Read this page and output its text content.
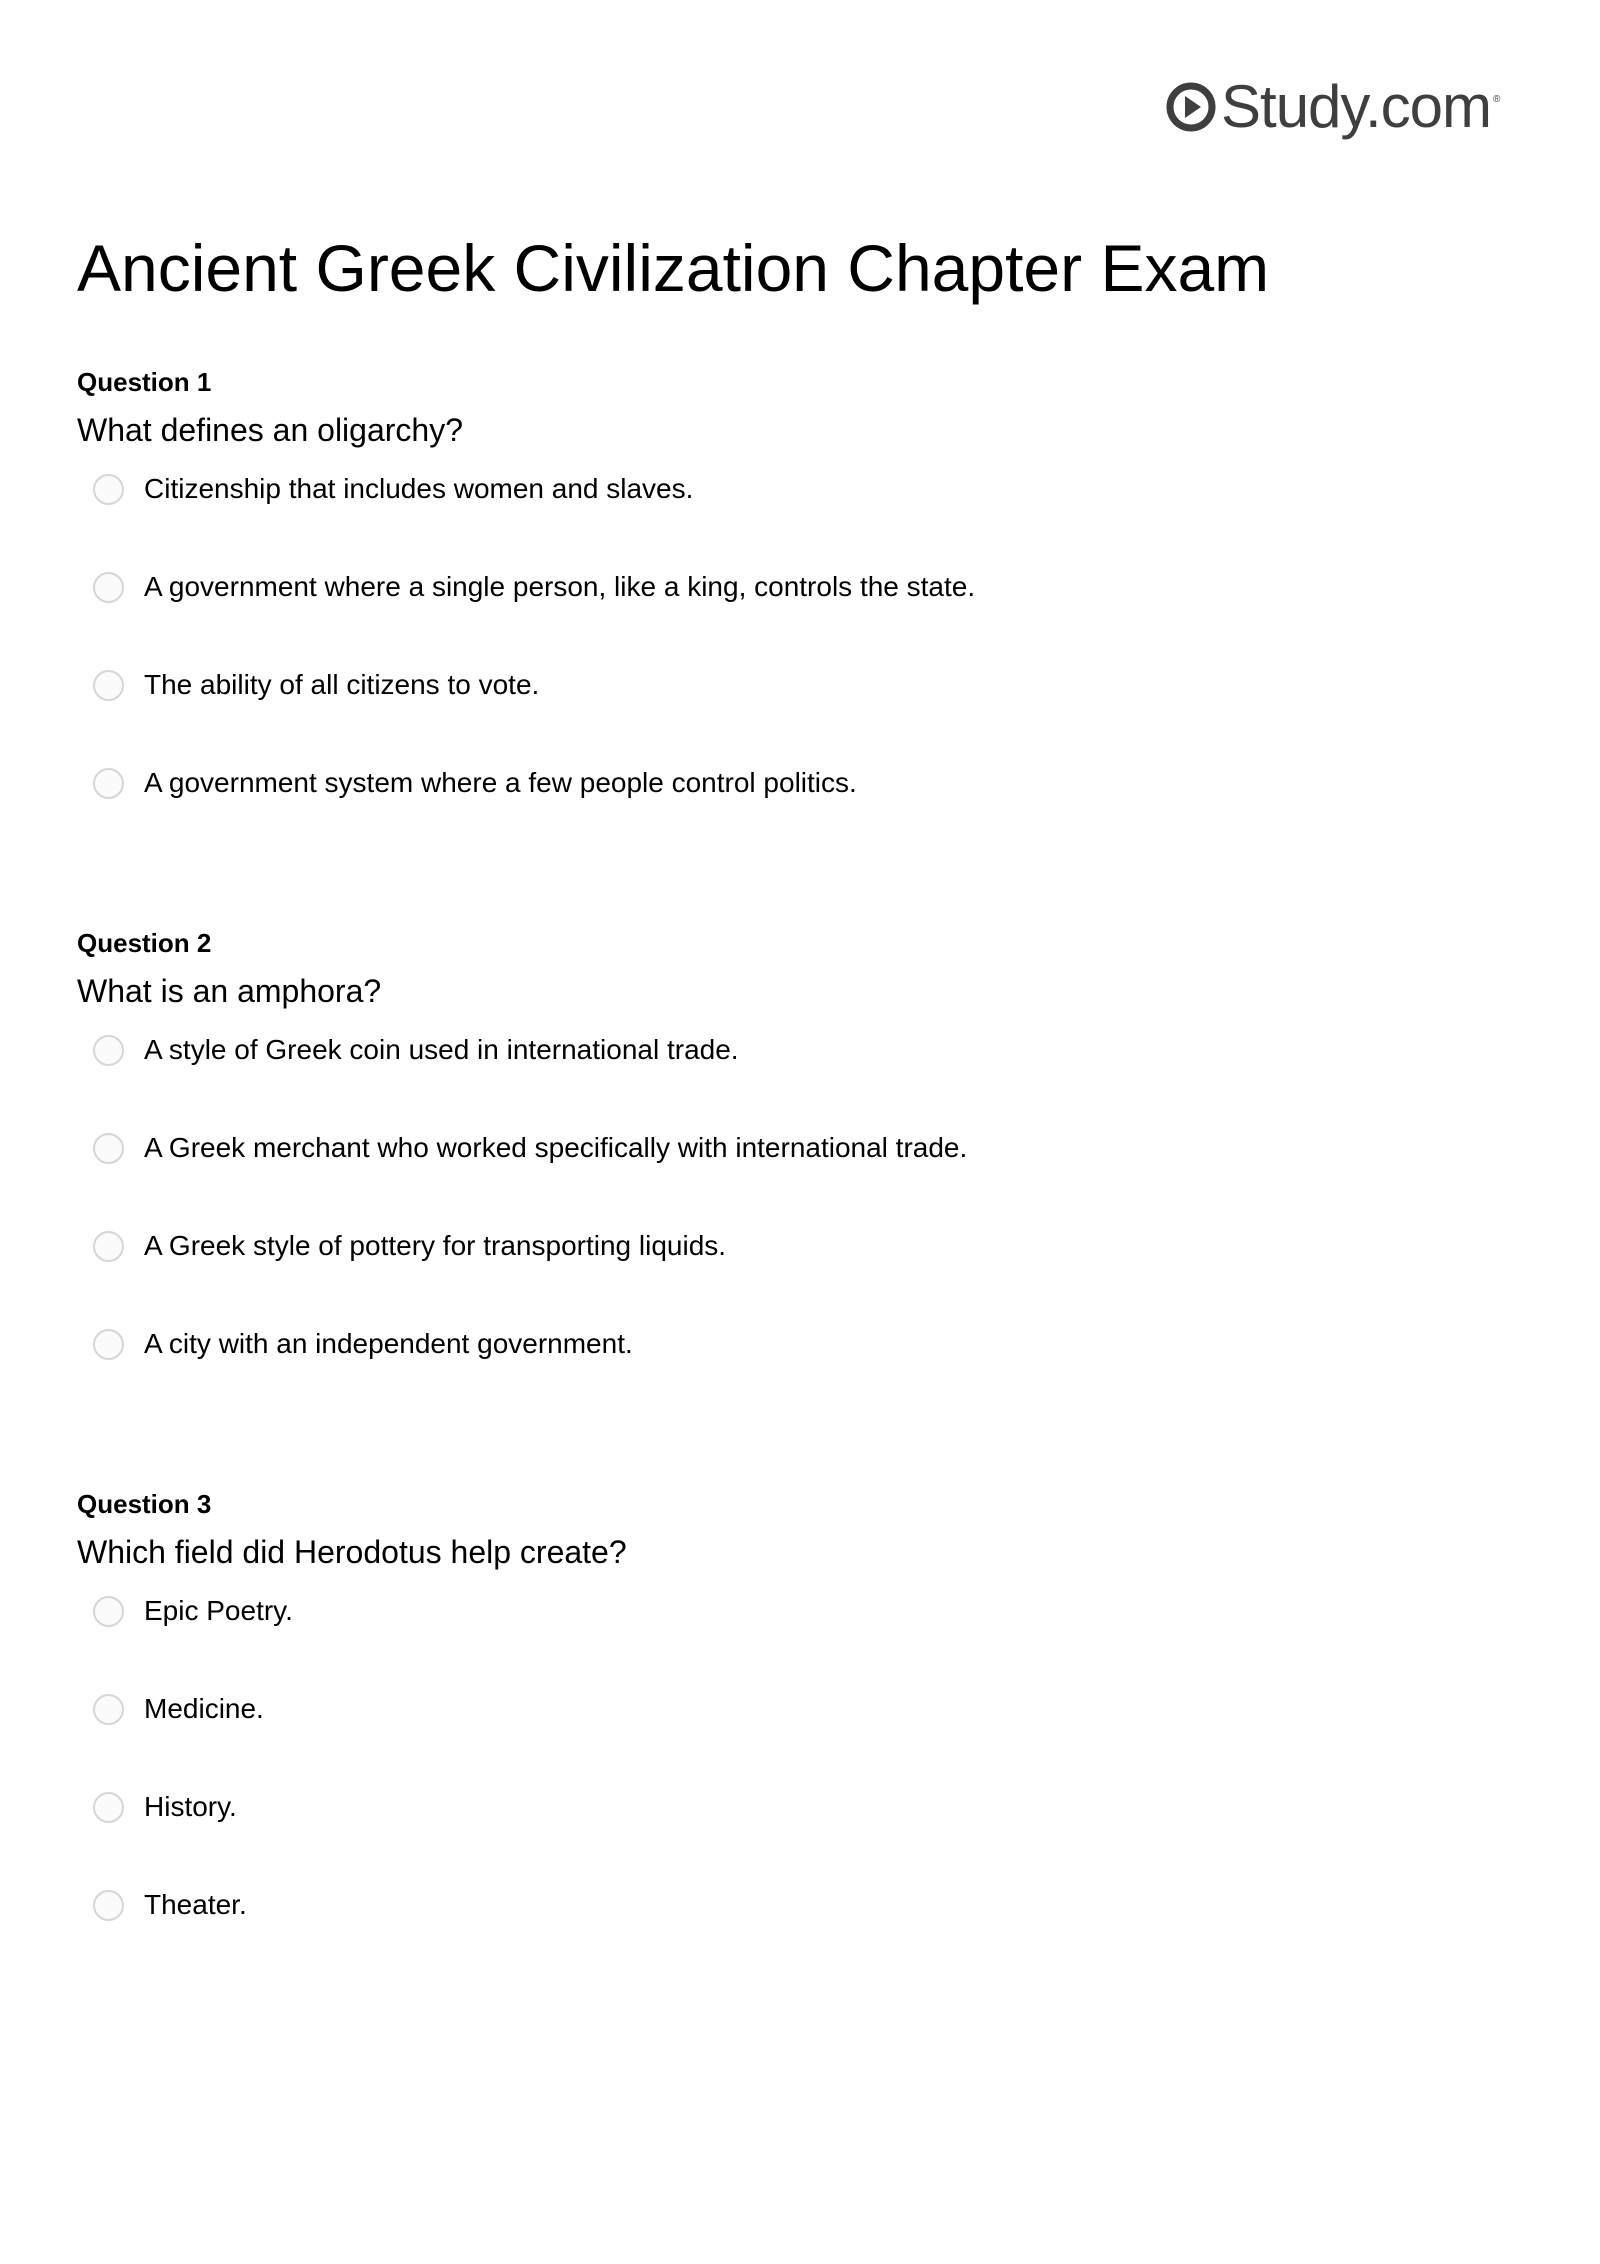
Study.com ®
Ancient Greek Civilization Chapter Exam
Question 1
What defines an oligarchy?
Citizenship that includes women and slaves.
A government where a single person, like a king, controls the state.
The ability of all citizens to vote.
A government system where a few people control politics.
Question 2
What is an amphora?
A style of Greek coin used in international trade.
A Greek merchant who worked specifically with international trade.
A Greek style of pottery for transporting liquids.
A city with an independent government.
Question 3
Which field did Herodotus help create?
Epic Poetry.
Medicine.
History.
Theater.
